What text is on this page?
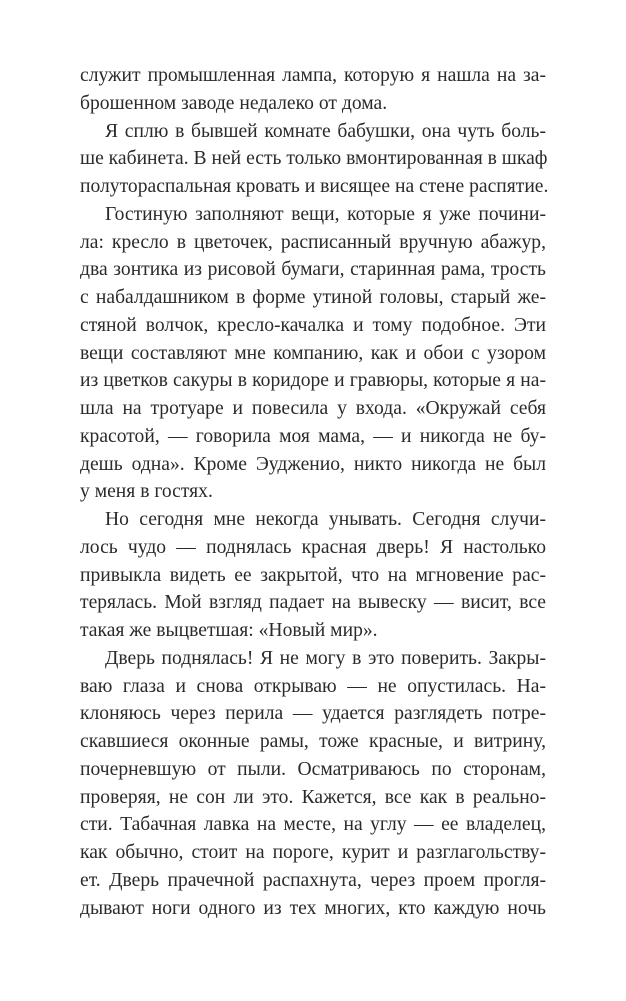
служит промышленная лампа, которую я нашла на за-
брошенном заводе недалеко от дома.
Я сплю в бывшей комнате бабушки, она чуть боль-
ше кабинета. В ней есть только вмонтированная в шкаф
полутораспальная кровать и висящее на стене распятие.
Гостиную заполняют вещи, которые я уже почини-
ла: кресло в цветочек, расписанный вручную абажур,
два зонтика из рисовой бумаги, старинная рама, трость
с набалдашником в форме утиной головы, старый же-
стяной волчок, кресло-качалка и тому подобное. Эти
вещи составляют мне компанию, как и обои с узором
из цветков сакуры в коридоре и гравюры, которые я на-
шла на тротуаре и повесила у входа. «Окружай себя
красотой, — говорила моя мама, — и никогда не бу-
дешь одна». Кроме Эудженио, никто никогда не был
у меня в гостях.
Но сегодня мне некогда унывать. Сегодня случи-
лось чудо — поднялась красная дверь! Я настолько
привыкла видеть ее закрытой, что на мгновение рас-
терялась. Мой взгляд падает на вывеску — висит, все
такая же выцветшая: «Новый мир».
Дверь поднялась! Я не могу в это поверить. Закры-
ваю глаза и снова открываю — не опустилась. На-
клоняюсь через перила — удается разглядеть потре-
скавшиеся оконные рамы, тоже красные, и витрину,
почерневшую от пыли. Осматриваюсь по сторонам,
проверяя, не сон ли это. Кажется, все как в реально-
сти. Табачная лавка на месте, на углу — ее владелец,
как обычно, стоит на пороге, курит и разглагольству-
ет. Дверь прачечной распахнута, через проем прогля-
дывают ноги одного из тех многих, кто каждую ночь
